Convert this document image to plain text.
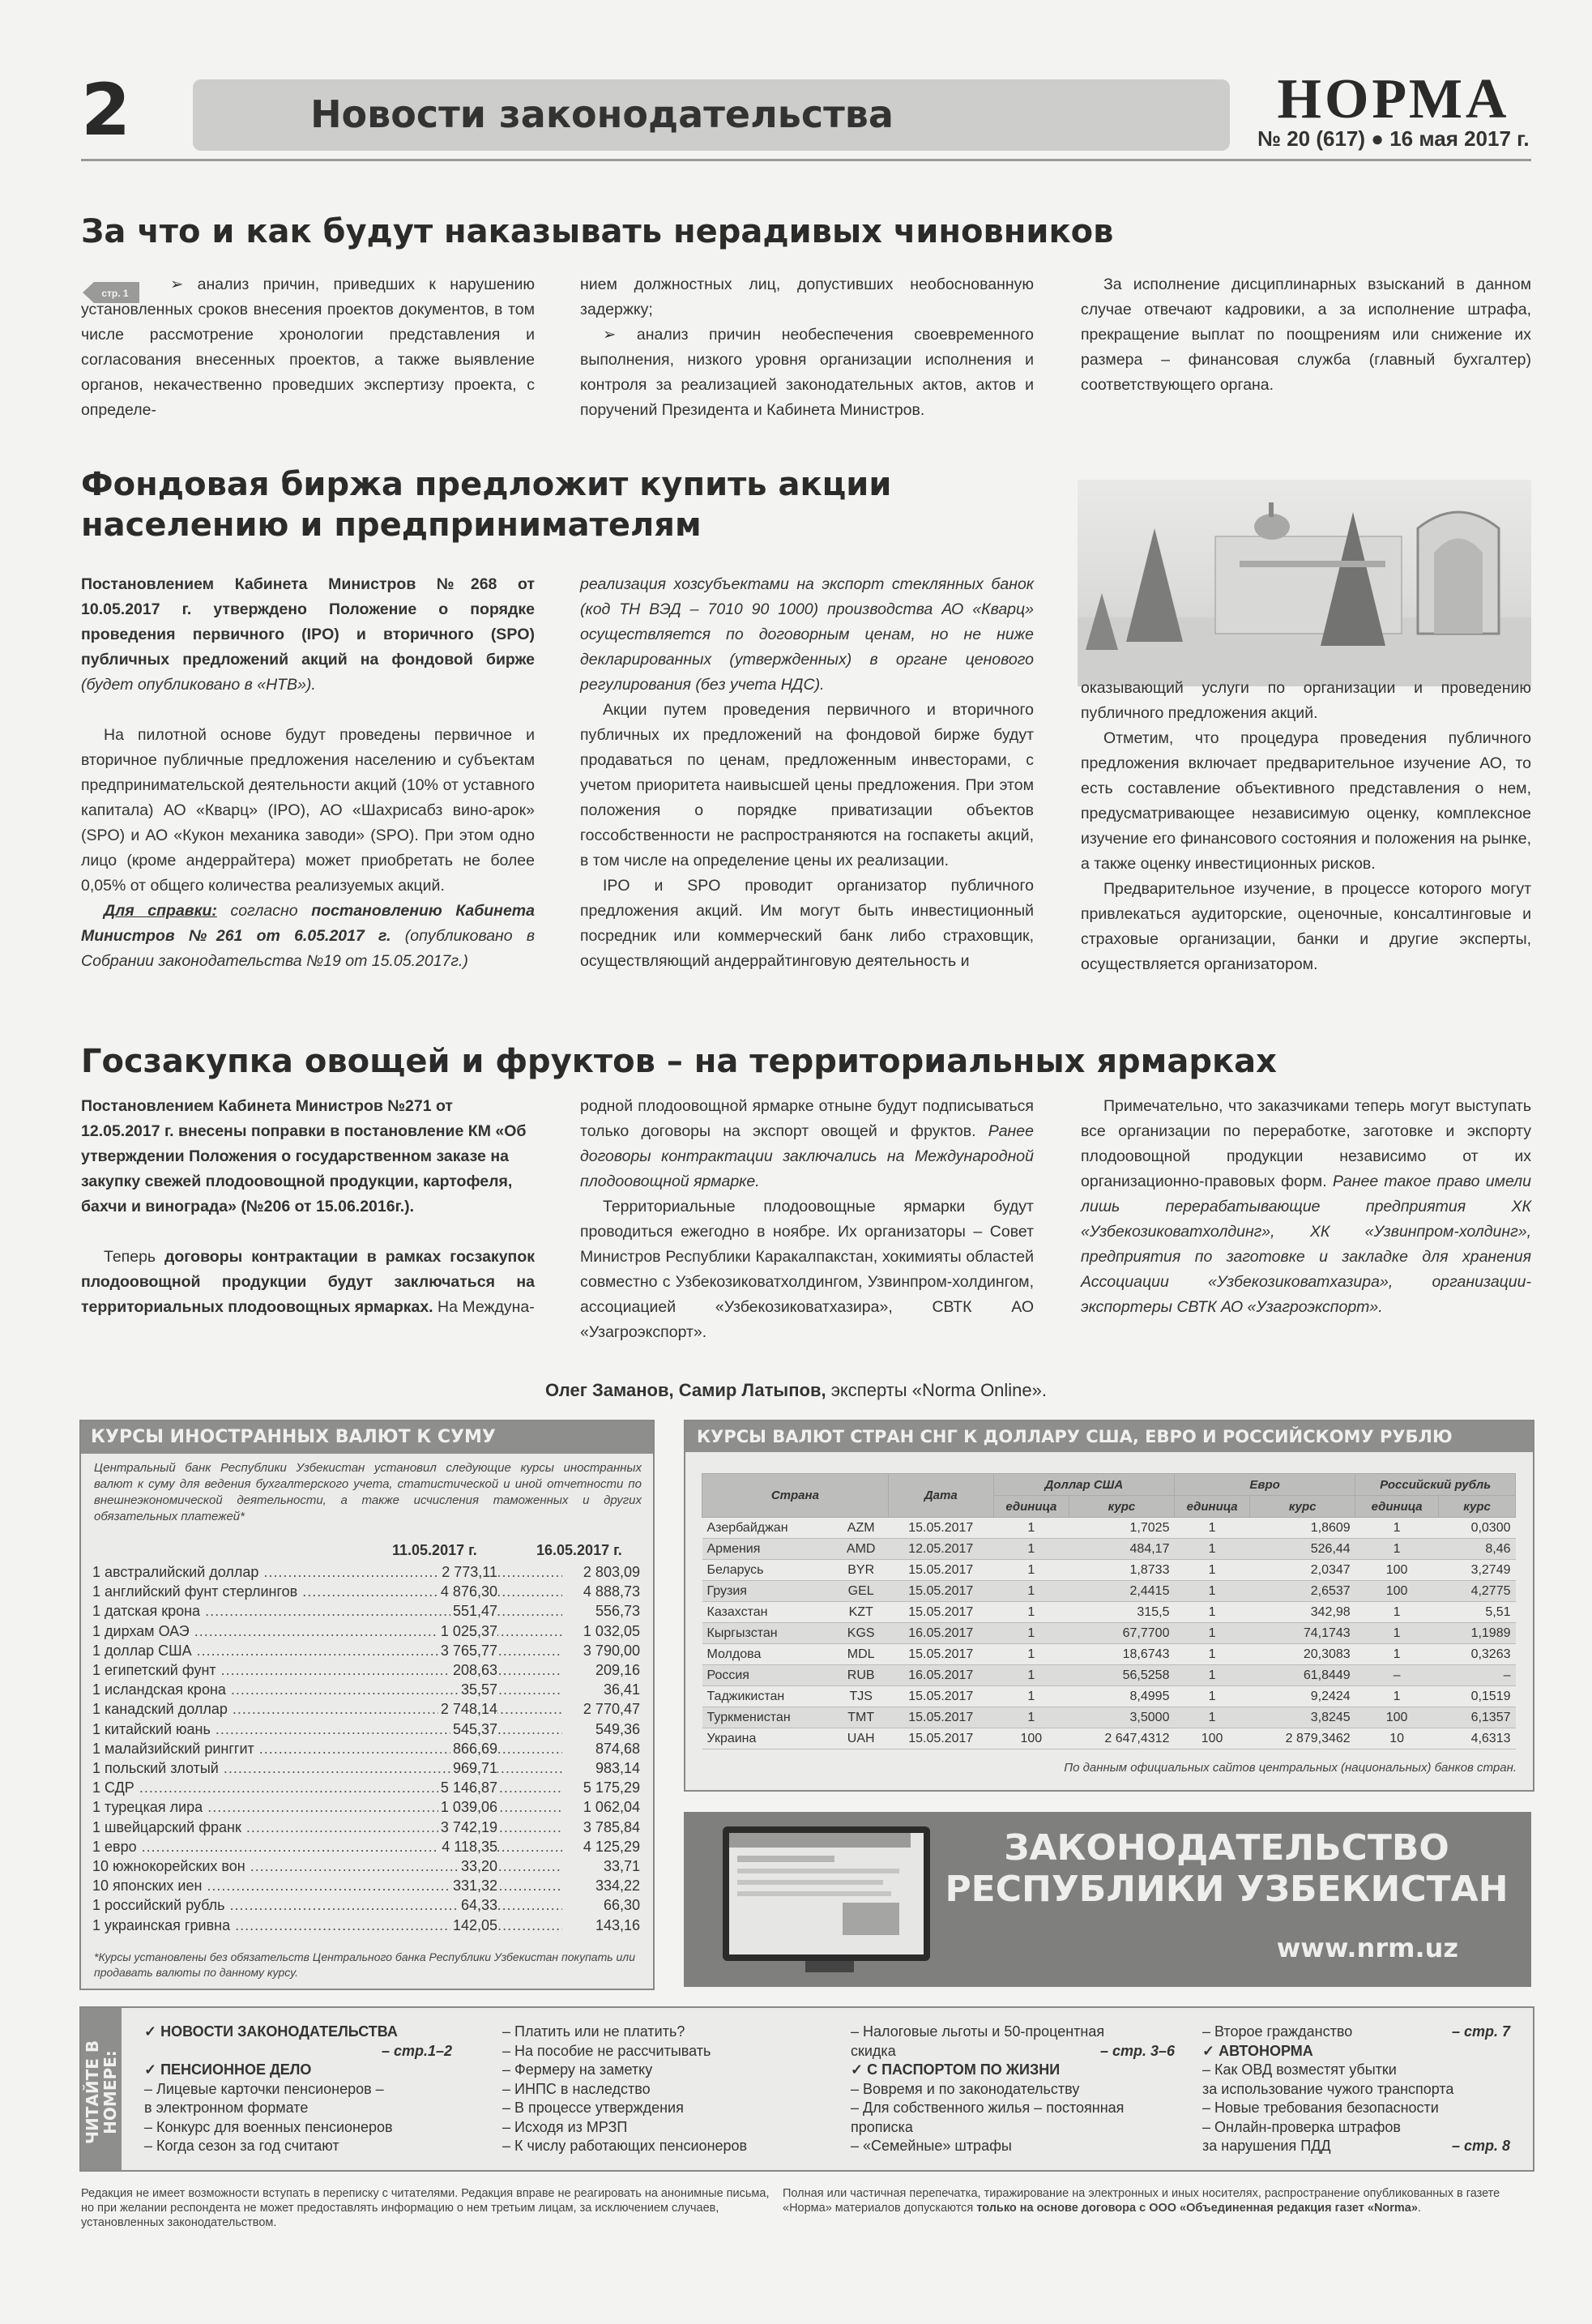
2	Новости законодательства	НОРМА
№ 20 (617) ● 16 мая 2017 г.
За что и как будут наказывать нерадивых чиновников
стр. 1	➢ анализ причин, приведших к нарушению установленных сроков внесения проектов документов, в том числе рассмотрение хронологии представления и согласования внесенных проектов, а также выявление органов, некачественно проведших экспертизу проекта, с определе-

нием должностных лиц, допустивших необоснованную задержку;

➢ анализ причин необеспечения своевременного выполнения, низкого уровня организации исполнения и контроля за реализацией законодательных актов, актов и поручений Президента и Кабинета Министров.

За исполнение дисциплинарных взысканий в данном случае отвечают кадровики, а за исполнение штрафа, прекращение выплат по поощрениям или снижение их размера – финансовая служба (главный бухгалтер) соответствующего органа.

Фондовая биржа предложит купить акции
населению и предпринимателям

Постановлением Кабинета Министров №268 от 10.05.2017 г. утверждено Положение о порядке проведения первичного (IPO) и вторичного (SPO) публичных предложений акций на фондовой бирже (будет опубликовано в «НТВ»).

На пилотной основе будут проведены первичное и вторичное публичные предложения населению и субъектам предпринимательской деятельности акций (10% от уставного капитала) АО «Кварц» (IPO), АО «Шахрисабз вино-арок» (SPO) и АО «Кукон механика заводи» (SPO). При этом одно лицо (кроме андеррайтера) может приобретать не более 0,05% от общего количества реализуемых акций.

Для справки: согласно постановлению Кабинета Министров №261 от 6.05.2017 г. (опубликовано в Собрании законодательства №19 от 15.05.2017г.)

реализация хозсубъектами на экспорт стеклянных банок (код ТН ВЭД – 7010 90 1000) производства АО «Кварц» осуществляется по договорным ценам, но не ниже декларированных (утвержденных) в органе ценового регулирования (без учета НДС).

Акции путем проведения первичного и вторичного публичных их предложений на фондовой бирже будут продаваться по ценам, предложенным инвесторами, с учетом приоритета наивысшей цены предложения. При этом положения о порядке приватизации объектов госсобственности не распространяются на госпакеты акций, в том числе на определение цены их реализации.

IPO и SPO проводит организатор публичного предложения акций. Им могут быть инвестиционный посредник или коммерческий банк либо страховщик, осуществляющий андеррайтинговую деятельность и

оказывающий услуги по организации и проведению публичного предложения акций.

Отметим, что процедура проведения публичного предложения включает предварительное изучение АО, то есть составление объективного представления о нем, предусматривающее независимую оценку, комплексное изучение его финансового состояния и положения на рынке, а также оценку инвестиционных рисков.

Предварительное изучение, в процессе которого могут привлекаться аудиторские, оценочные, консалтинговые и страховые организации, банки и другие эксперты, осуществляется организатором.

Госзакупка овощей и фруктов – на территориальных ярмарках

Постановлением Кабинета Министров №271 от 12.05.2017 г. внесены поправки в постановление КМ «Об утверждении Положения о государственном заказе на закупку свежей плодоовощной продукции, картофеля, бахчи и винограда» (№206 от 15.06.2016г.).

Теперь договоры контрактации в рамках госзакупок плодоовощной продукции будут заключаться на территориальных плодоовощных ярмарках. На Междуна-

родной плодоовощной ярмарке отныне будут подписываться только договоры на экспорт овощей и фруктов. Ранее договоры контрактации заключались на Международной плодоовощной ярмарке.

Территориальные плодоовощные ярмарки будут проводиться ежегодно в ноябре. Их организаторы – Совет Министров Республики Каракалпакстан, хокимияты областей совместно с Узбекозиковатхолдингом, Узвинпром-холдингом, ассоциацией «Узбекозиковатхазира», СВТК АО «Узагроэкспорт».

Примечательно, что заказчиками теперь могут выступать все организации по переработке, заготовке и экспорту плодоовощной продукции независимо от их организационно-правовых форм. Ранее такое право имели лишь перерабатывающие предприятия ХК «Узбекозиковатхолдинг», ХК «Узвинпром-холдинг», предприятия по заготовке и закладке для хранения Ассоциации «Узбекозиковатхазира», организации-экспортеры СВТК АО «Узагроэкспорт».

Олег Заманов, Самир Латыпов, эксперты «Norma Online».
КУРСЫ ИНОСТРАННЫХ ВАЛЮТ К СУМУ
Центральный банк Республики Узбекистан установил следующие курсы иностранных валют к суму для ведения бухгалтерского учета, статистической и иной отчетности по внешнеэкономической деятельности, а также исчисления таможенных и других обязательных платежей*
11.05.2017 г.	16.05.2017 г.
1 австралийский доллар .....	2 773,11	2 803,09
1 английский фунт стерлингов .....	4 876,30	4 888,73
1 датская крона .....	551,47	556,73
1 дирхам ОАЭ .....	1 025,37	1 032,05
1 доллар США .....	3 765,77	3 790,00
1 египетский фунт .....	208,63	209,16
1 исландская крона .....	35,57	36,41
1 канадский доллар .....	2 748,14	2 770,47
1 китайский юань .....	545,37	549,36
1 малайзийский ринггит .....	866,69	874,68
1 польский злотый .....	969,71	983,14
1 СДР .....	5 146,87	5 175,29
1 турецкая лира .....	1 039,06	1 062,04
1 швейцарский франк .....	3 742,19	3 785,84
1 евро .....	4 118,35	4 125,29
10 южнокорейских вон .....	33,20	33,71
10 японских иен .....	331,32	334,22
1 российский рубль .....	64,33	66,30
1 украинская гривна .....	142,05	143,16
*Курсы установлены без обязательств Центрального банка Республики Узбекистан покупать или продавать валюты по данному курсу.
КУРСЫ ВАЛЮТ СТРАН СНГ К ДОЛЛАРУ США, ЕВРО И РОССИЙСКОМУ РУБЛЮ
Страна		Дата	Доллар США		Евро		Российский рубль	
			единица	курс	единица	курс	единица	курс
Азербайджан	AZM	15.05.2017	1	1,7025	1	1,8609	1	0,0300
Армения	AMD	12.05.2017	1	484,17	1	526,44	1	8,46
Беларусь	BYR	15.05.2017	1	1,8733	1	2,0347	100	3,2749
Грузия	GEL	15.05.2017	1	2,4415	1	2,6537	100	4,2775
Казахстан	KZT	15.05.2017	1	315,5	1	342,98	1	5,51
Кыргызстан	KGS	16.05.2017	1	67,7700	1	74,1743	1	1,1989
Молдова	MDL	15.05.2017	1	18,6743	1	20,3083	1	0,3263
Россия	RUB	16.05.2017	1	56,5258	1	61,8449	–	–
Таджикистан	TJS	15.05.2017	1	8,4995	1	9,2424	1	0,1519
Туркменистан	TMT	15.05.2017	1	3,5000	1	3,8245	100	6,1357
Украина	UAH	15.05.2017	100	2 647,4312	100	2 879,3462	10	4,6313
По данным официальных сайтов центральных (национальных) банков стран.
ЗАКОНОДАТЕЛЬСТВО
РЕСПУБЛИКИ УЗБЕКИСТАН
www.nrm.uz
ЧИТАЙТЕ В НОМЕРЕ:
✓ НОВОСТИ ЗАКОНОДАТЕЛЬСТВА
– стр.1–2
✓ ПЕНСИОННОЕ ДЕЛО
– Лицевые карточки пенсионеров –
в электронном формате
– Конкурс для военных пенсионеров
– Когда сезон за год считают
– Платить или не платить?
– На пособие не рассчитывать
– Фермеру на заметку
– ИНПС в наследство
– В процессе утверждения
– Исходя из МРЗП
– К числу работающих пенсионеров
– Налоговые льготы и 50-процентная
скидка	– стр. 3–6
✓ С ПАСПОРТОМ ПО ЖИЗНИ
– Вовремя и по законодательству
– Для собственного жилья – постоянная
прописка
– «Семейные» штрафы
– Второе гражданство	– стр. 7
✓ АВТОНОРМА
– Как ОВД возместят убытки
за использование чужого транспорта
– Новые требования безопасности
– Онлайн-проверка штрафов
за нарушения ПДД	– стр. 8
Редакция не имеет возможности вступать в переписку с читателями. Редакция вправе не реагировать на анонимные письма, но при желании респондента не может предоставлять информацию о нем третьим лицам, за исключением случаев, установленных законодательством.
Полная или частичная перепечатка, тиражирование на электронных и иных носителях, распространение опубликованных в газете «Норма» материалов допускаются только на основе договора с ООО «Объединенная редакция газет «Norma».
